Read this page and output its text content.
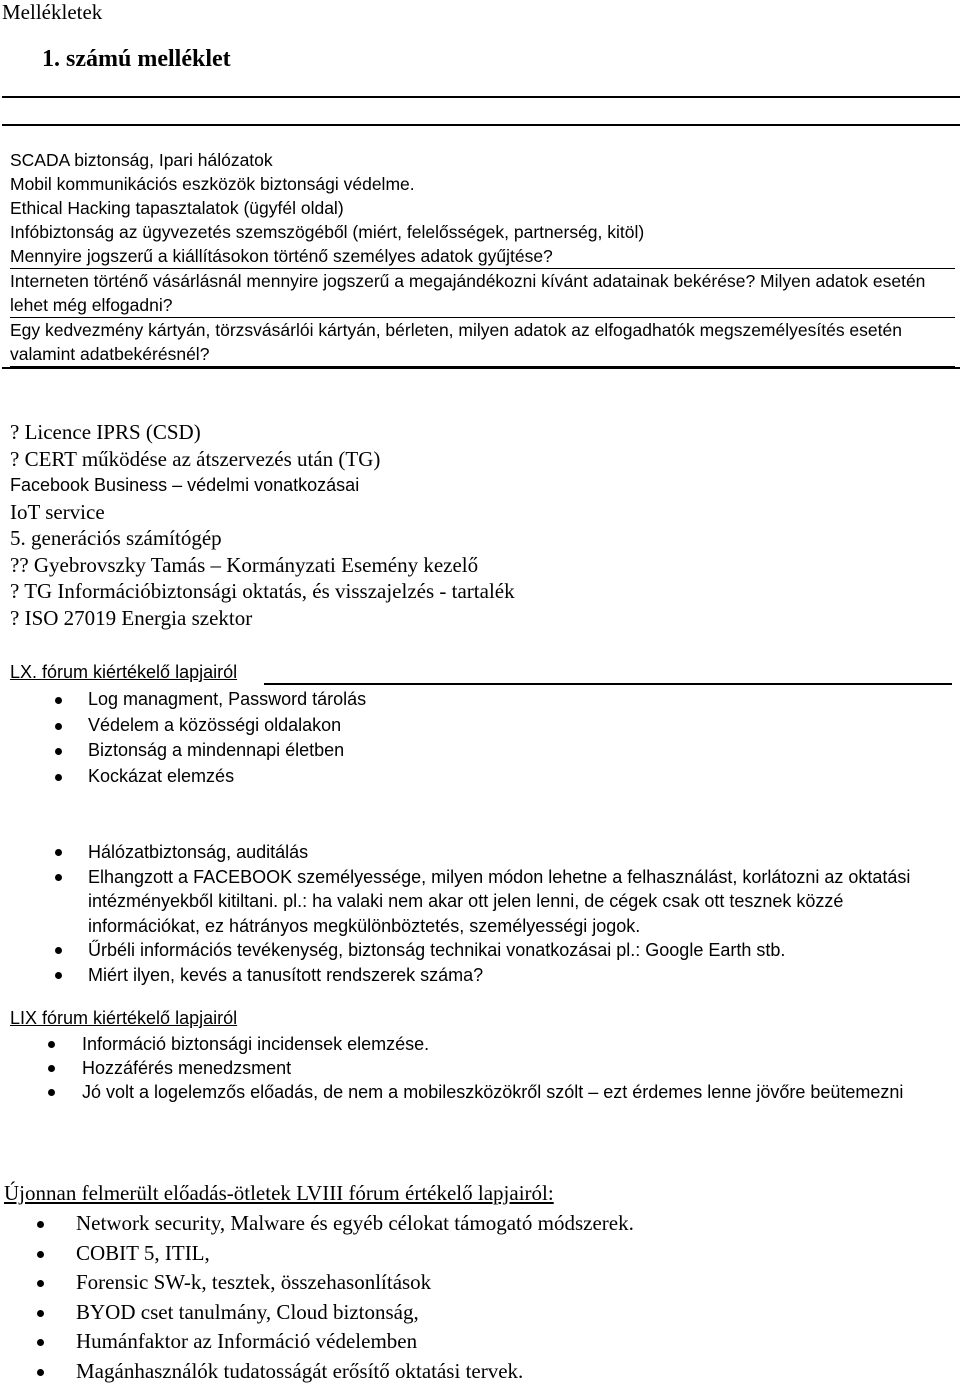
Mellékletek
1. számú melléklet
SCADA biztonság, Ipari hálózatok
Mobil kommunikációs eszközök biztonsági védelme.
Ethical Hacking tapasztalatok (ügyfél oldal)
Infóbiztonság az ügyvezetés szemszögéből (miért, felelősségek, partnerség, kitöl)
Mennyire jogszerű a kiállításokon történő személyes adatok gyűjtése?
Interneten történő vásárlásnál mennyire jogszerű a megajándékozni kívánt adatainak bekérése? Milyen adatok esetén lehet még elfogadni?
Egy kedvezmény kártyán, törzsvásárlói kártyán, bérleten, milyen adatok az elfogadhatók megszemélyesítés esetén valamint adatbekérésnél?
? Licence IPRS (CSD)
? CERT működése az átszervezés után (TG)
Facebook Business – védelmi vonatkozásai
IoT service
5. generációs számítógép
?? Gyebrovszky Tamás – Kormányzati Esemény kezelő
? TG Információbiztonsági oktatás, és visszajelzés - tartalék
? ISO 27019 Energia szektor
LX. fórum kiértékelő lapjairól
Log managment, Password tárolás
Védelem a közösségi oldalakon
Biztonság a mindennapi életben
Kockázat elemzés
Hálózatbiztonság, auditálás
Elhangzott a FACEBOOK személyessége, milyen módon lehetne a felhasználást, korlátozni az oktatási intézményekből kitiltani. pl.: ha valaki nem akar ott jelen lenni, de cégek csak ott tesznek közzé információkat, ez hátrányos megkülönböztetés, személyességi jogok.
Űrbéli információs tevékenység, biztonság technikai vonatkozásai pl.: Google Earth stb.
Miért ilyen, kevés a tanusított rendszerek száma?
LIX fórum kiértékelő lapjairól
Információ biztonsági incidensek elemzése.
Hozzáférés menedzsment
Jó volt a logelemzős előadás, de nem a mobileszközökről szólt – ezt érdemes lenne jövőre beütemezni
Újonnan felmerült előadás-ötletek LVIII fórum értékelő lapjairól:
Network security, Malware és egyéb célokat támogató módszerek.
COBIT 5, ITIL,
Forensic SW-k, tesztek, összehasonlítások
BYOD cset tanulmány, Cloud biztonság,
Humánfaktor az Információ védelemben
Magánhasználók tudatosságát erősítő oktatási tervek.
